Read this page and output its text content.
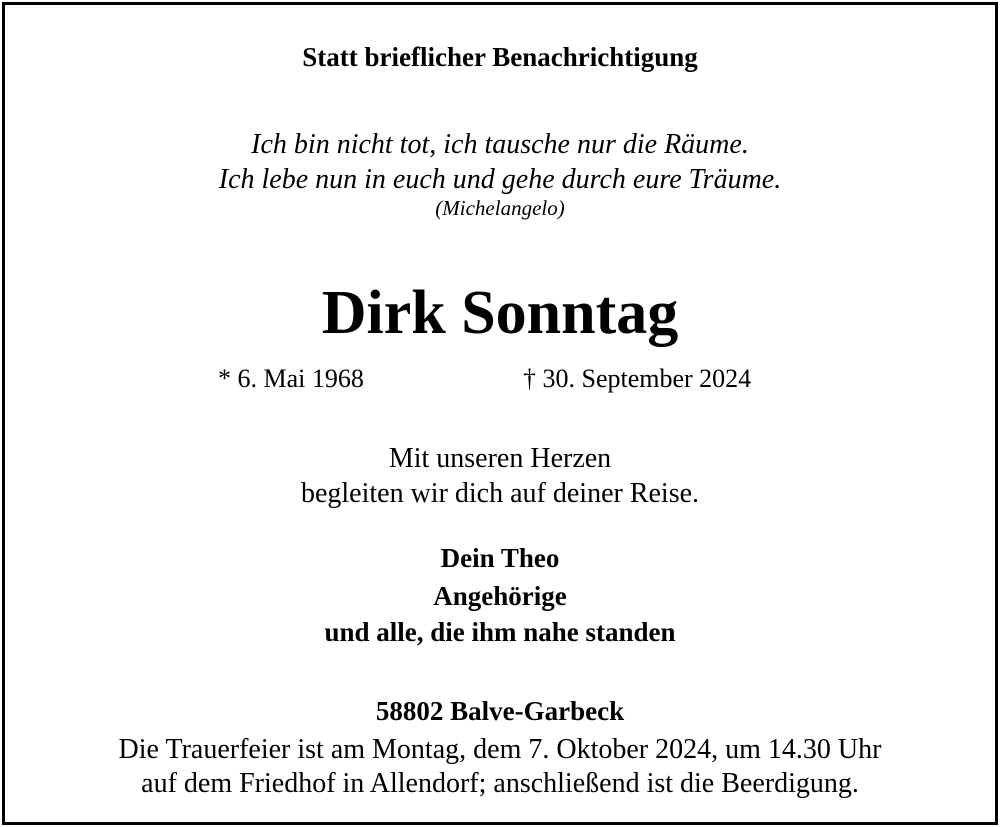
Statt brieflicher Benachrichtigung
Ich bin nicht tot, ich tausche nur die Räume.
Ich lebe nun in euch und gehe durch eure Träume.
(Michelangelo)
Dirk Sonntag
* 6. Mai 1968	† 30. September 2024
Mit unseren Herzen
begleiten wir dich auf deiner Reise.
Dein Theo
Angehörige
und alle, die ihm nahe standen
58802 Balve-Garbeck
Die Trauerfeier ist am Montag, dem 7. Oktober 2024, um 14.30 Uhr
auf dem Friedhof in Allendorf; anschließend ist die Beerdigung.
